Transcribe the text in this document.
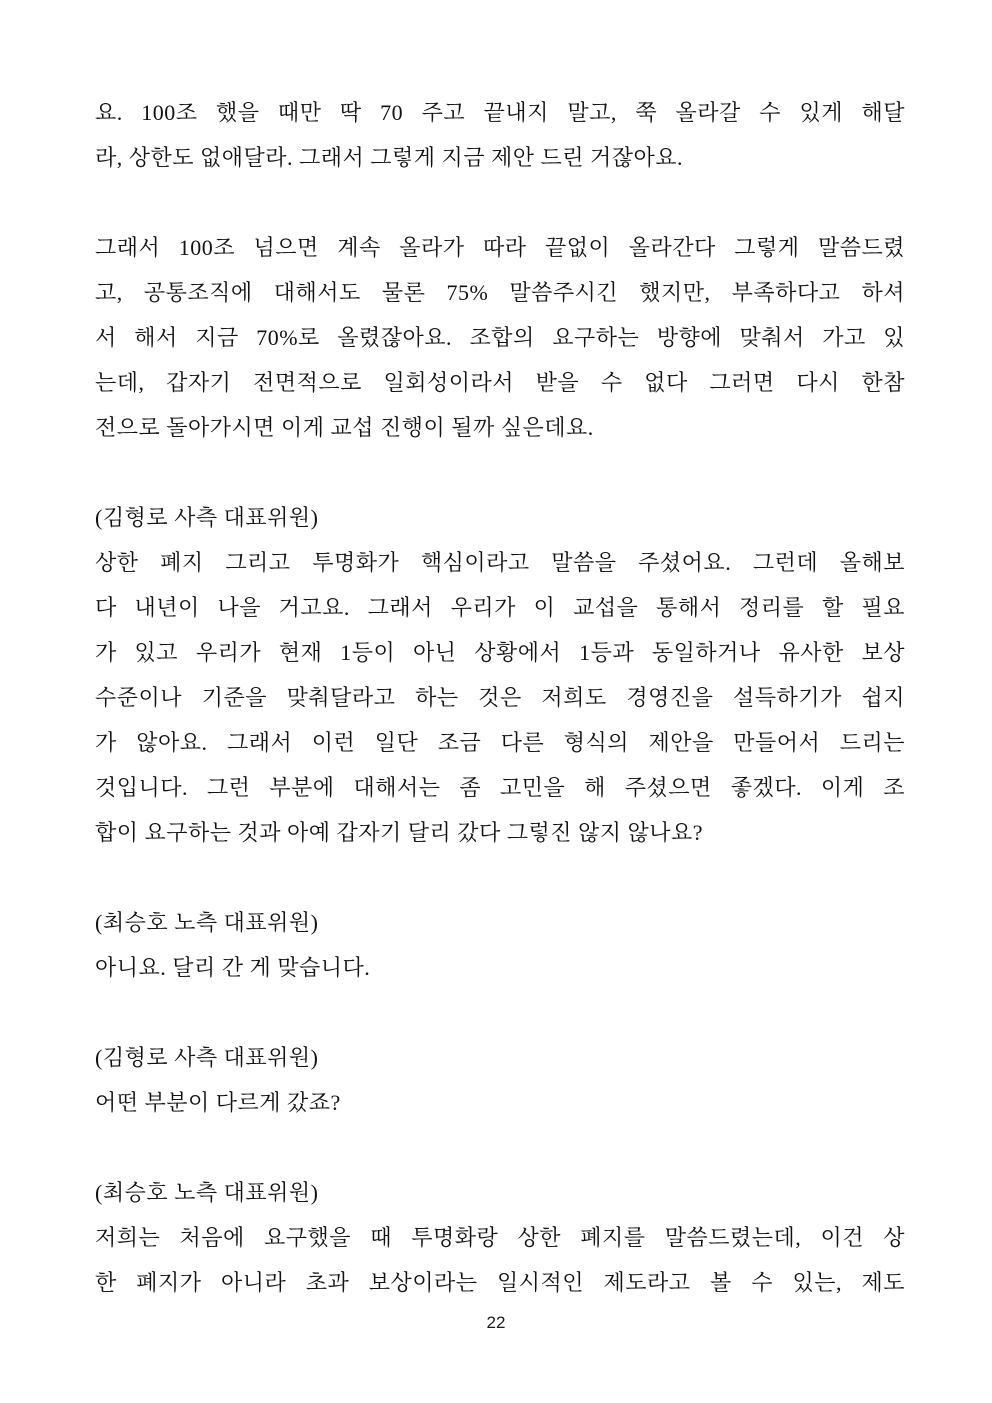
요. 100조 했을 때만 딱 70 주고 끝내지 말고, 쭉 올라갈 수 있게 해달
라, 상한도 없애달라. 그래서 그렇게 지금 제안 드린 거잖아요.
그래서 100조 넘으면 계속 올라가 따라 끝없이 올라간다 그렇게 말씀드렸
고, 공통조직에 대해서도 물론 75% 말씀주시긴 했지만, 부족하다고 하셔
서 해서 지금 70%로 올렸잖아요. 조합의 요구하는 방향에 맞춰서 가고 있
는데, 갑자기 전면적으로 일회성이라서 받을 수 없다 그러면 다시 한참
전으로 돌아가시면 이게 교섭 진행이 될까 싶은데요.
(김형로 사측 대표위원)
상한 폐지 그리고 투명화가 핵심이라고 말씀을 주셨어요. 그런데 올해보
다 내년이 나을 거고요. 그래서 우리가 이 교섭을 통해서 정리를 할 필요
가 있고 우리가 현재 1등이 아닌 상황에서 1등과 동일하거나 유사한 보상
수준이나 기준을 맞춰달라고 하는 것은 저희도 경영진을 설득하기가 쉽지
가 않아요. 그래서 이런 일단 조금 다른 형식의 제안을 만들어서 드리는
것입니다. 그런 부분에 대해서는 좀 고민을 해 주셨으면 좋겠다. 이게 조
합이 요구하는 것과 아예 갑자기 달리 갔다 그렇진 않지 않나요?
(최승호 노측 대표위원)
아니요. 달리 간 게 맞습니다.
(김형로 사측 대표위원)
어떤 부분이 다르게 갔죠?
(최승호 노측 대표위원)
저희는 처음에 요구했을 때 투명화랑 상한 폐지를 말씀드렸는데, 이건 상
한 폐지가 아니라 초과 보상이라는 일시적인 제도라고 볼 수 있는, 제도
22
